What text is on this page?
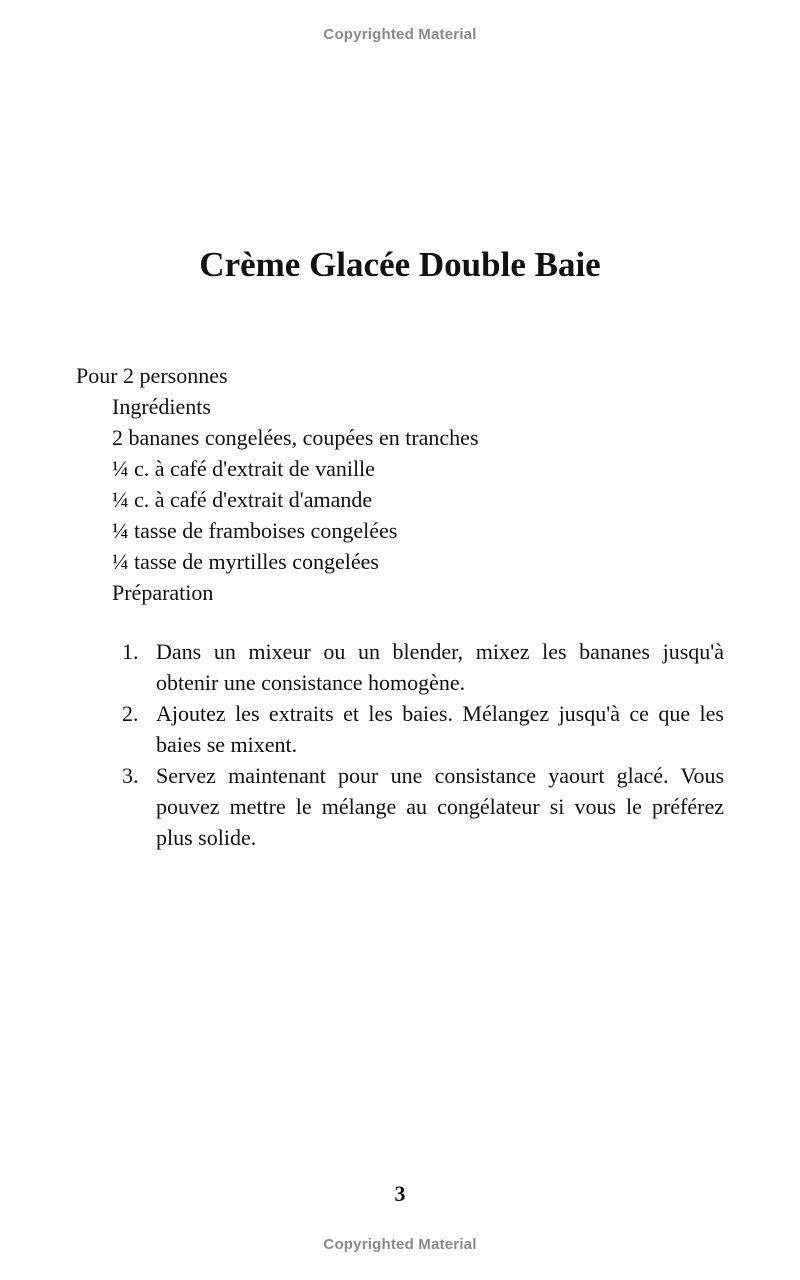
Copyrighted Material
Crème Glacée Double Baie
Pour 2 personnes
Ingrédients
2 bananes congelées, coupées en tranches
¼ c. à café d'extrait de vanille
¼ c. à café d'extrait d'amande
¼ tasse de framboises congelées
¼ tasse de myrtilles congelées
Préparation
1. Dans un mixeur ou un blender, mixez les bananes jusqu'à obtenir une consistance homogène.
2. Ajoutez les extraits et les baies. Mélangez jusqu'à ce que les baies se mixent.
3. Servez maintenant pour une consistance yaourt glacé. Vous pouvez mettre le mélange au congélateur si vous le préférez plus solide.
3
Copyrighted Material
